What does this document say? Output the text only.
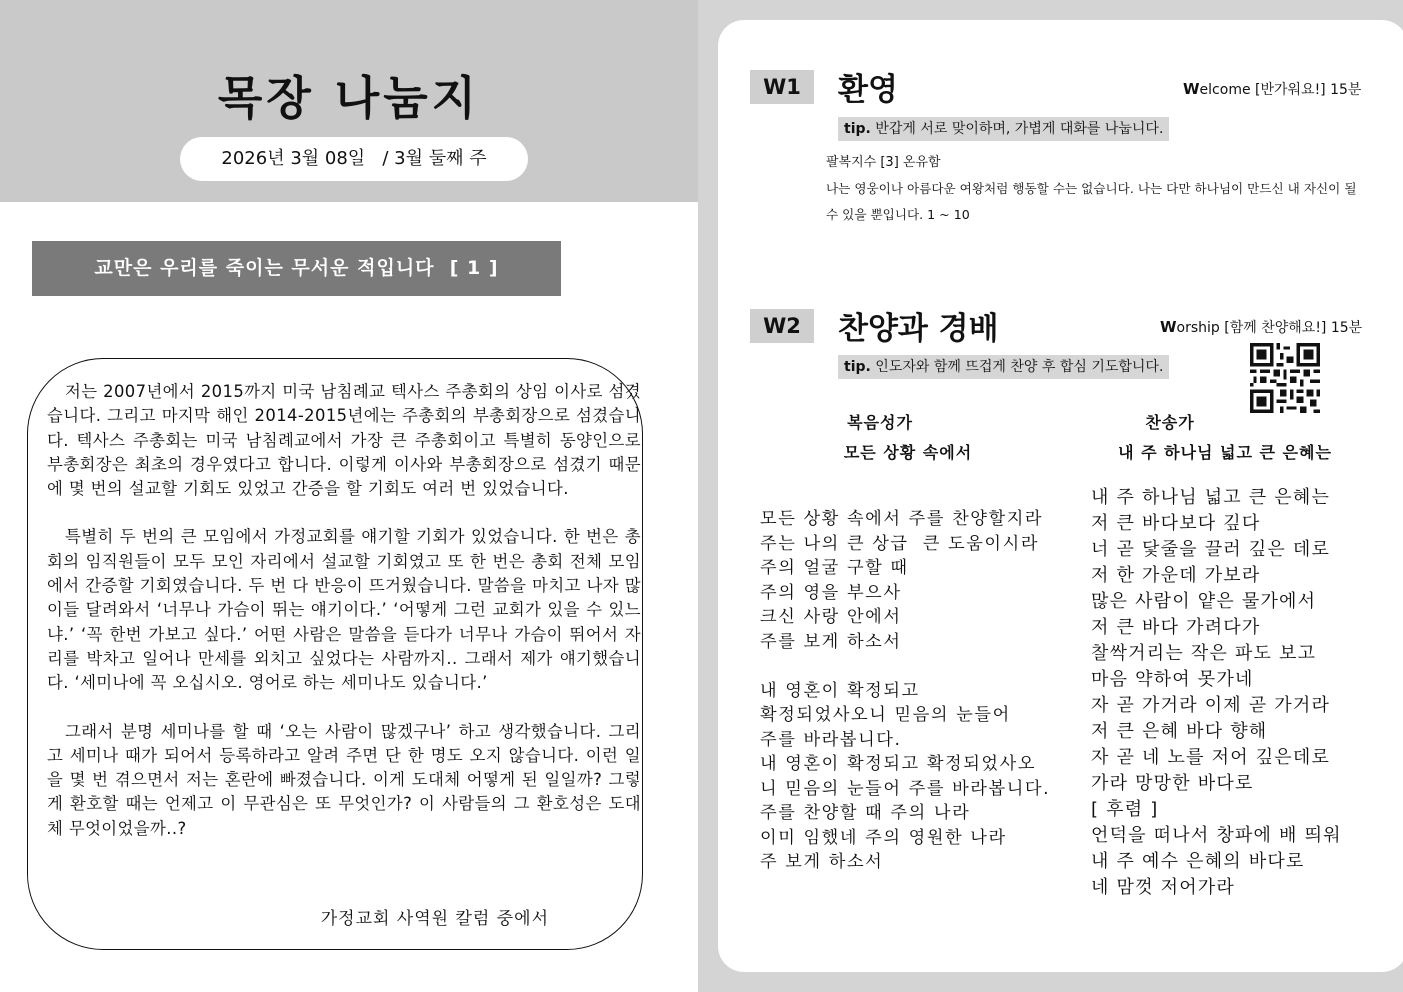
목장 나눔지
2026년 3월 08일   / 3월 둘째 주
교만은 우리를 죽이는 무서운 적입니다  [ 1 ]

저는 2007년에서 2015까지 미국 남침례교 텍사스 주총회의 상임 이사로 섬겼습니다. 그리고 마지막 해인 2014-2015년에는 주총회의 부총회장으로 섬겼습니다. 텍사스 주총회는 미국 남침례교에서 가장 큰 주총회이고 특별히 동양인으로 부총회장은 최초의 경우였다고 합니다. 이렇게 이사와 부총회장으로 섬겼기 때문에 몇 번의 설교할 기회도 있었고 간증을 할 기회도 여러 번 있었습니다.

특별히 두 번의 큰 모임에서 가정교회를 얘기할 기회가 있었습니다. 한 번은 총회의 임직원들이 모두 모인 자리에서 설교할 기회였고 또 한 번은 총회 전체 모임에서 간증할 기회였습니다. 두 번 다 반응이 뜨거웠습니다. 말씀을 마치고 나자 많이들 달려와서 ‘너무나 가슴이 뛰는 얘기이다.’ ‘어떻게 그런 교회가 있을 수 있느냐.’ ‘꼭 한번 가보고 싶다.’ 어떤 사람은 말씀을 듣다가 너무나 가슴이 뛰어서 자리를 박차고 일어나 만세를 외치고 싶었다는 사람까지.. 그래서 제가 얘기했습니다. ‘세미나에 꼭 오십시오. 영어로 하는 세미나도 있습니다.’

그래서 분명 세미나를 할 때 ‘오는 사람이 많겠구나’ 하고 생각했습니다. 그리고 세미나 때가 되어서 등록하라고 알려 주면 단 한 명도 오지 않습니다. 이런 일을 몇 번 겪으면서 저는 혼란에 빠졌습니다. 이게 도대체 어떻게 된 일일까? 그렇게 환호할 때는 언제고 이 무관심은 또 무엇인가? 이 사람들의 그 환호성은 도대체 무엇이었을까..?

가정교회 사역원 칼럼 중에서
W1	환영	Welcome [반가워요!] 15분
tip. 반갑게 서로 맞이하며, 가볍게 대화를 나눕니다.
팔복지수 [3] 온유함
나는 영웅이나 아름다운 여왕처럼 행동할 수는 없습니다. 나는 다만 하나님이 만드신 내 자신이 될 수 있을 뿐입니다. 1 ~ 10
W2	찬양과 경배	Worship [함께 찬양해요!] 15분
tip. 인도자와 함께 뜨겁게 찬양 후 합심 기도합니다.
복음성가
모든 상황 속에서
찬송가
내 주 하나님 넓고 큰 은혜는
모든 상황 속에서 주를 찬양할지라
주는 나의 큰 상급  큰 도움이시라
주의 얼굴 구할 때
주의 영을 부으사
크신 사랑 안에서
주를 보게 하소서

내 영혼이 확정되고
확정되었사오니 믿음의 눈들어
주를 바라봅니다.
내 영혼이 확정되고 확정되었사오
니 믿음의 눈들어 주를 바라봅니다.
주를 찬양할 때 주의 나라
이미 임했네 주의 영원한 나라
주 보게 하소서
내 주 하나님 넓고 큰 은혜는
저 큰 바다보다 깊다
너 곧 닻줄을 끌러 깊은 데로
저 한 가운데 가보라
많은 사람이 얕은 물가에서
저 큰 바다 가려다가
찰싹거리는 작은 파도 보고
마음 약하여 못가네
자 곧 가거라 이제 곧 가거라
저 큰 은혜 바다 향해
자 곧 네 노를 저어 깊은데로
가라 망망한 바다로
[ 후렴 ]
언덕을 떠나서 창파에 배 띄워
내 주 예수 은혜의 바다로
네 맘껏 저어가라
